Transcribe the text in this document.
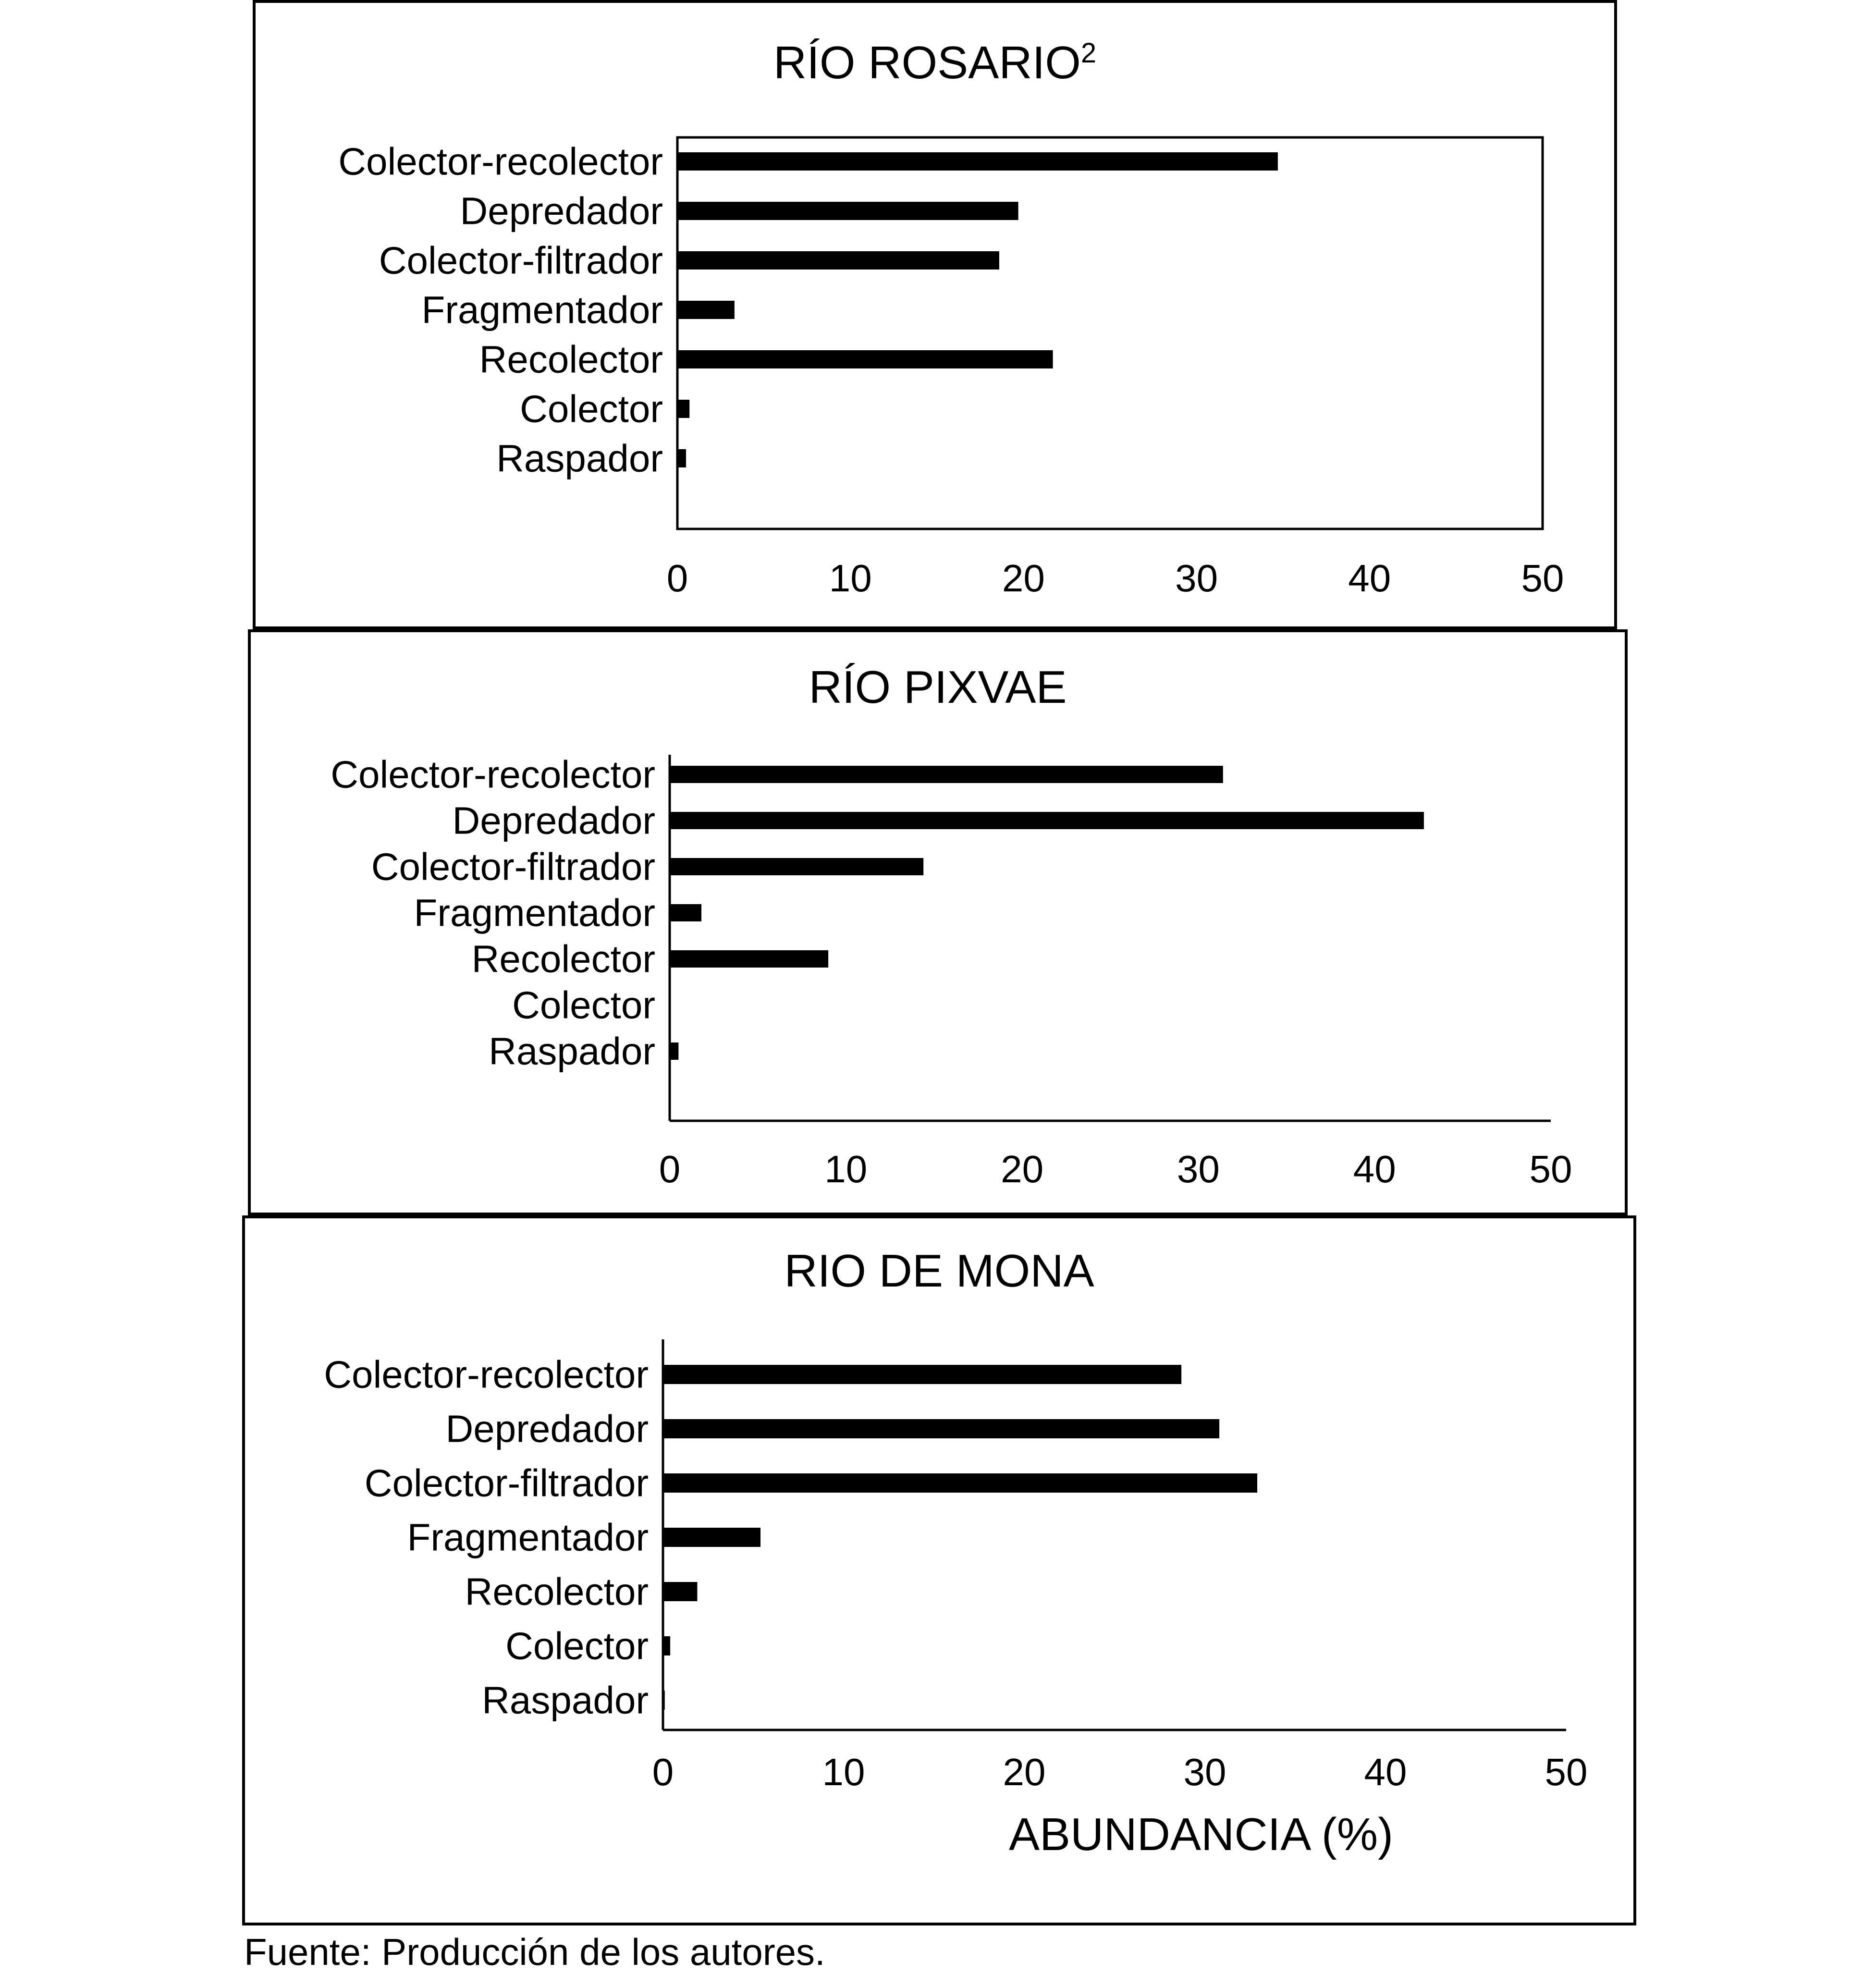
RÍO ROSARIO$^2$
Colector-recolector
Depredador
Colector-filtrador
Fragmentador
Recolector
Colector
Raspador
0	10	20	30	40	50
RÍO PIXVAE
Colector-recolector
Depredador
Colector-filtrador
Fragmentador
Recolector
Colector
Raspador
0	10	20	30	40	50
RIO DE MONA
Colector-recolector
Depredador
Colector-filtrador
Fragmentador
Recolector
Colector
Raspador
0	10	20	30	40	50
ABUNDANCIA (%)
Fuente: Producción de los autores.
